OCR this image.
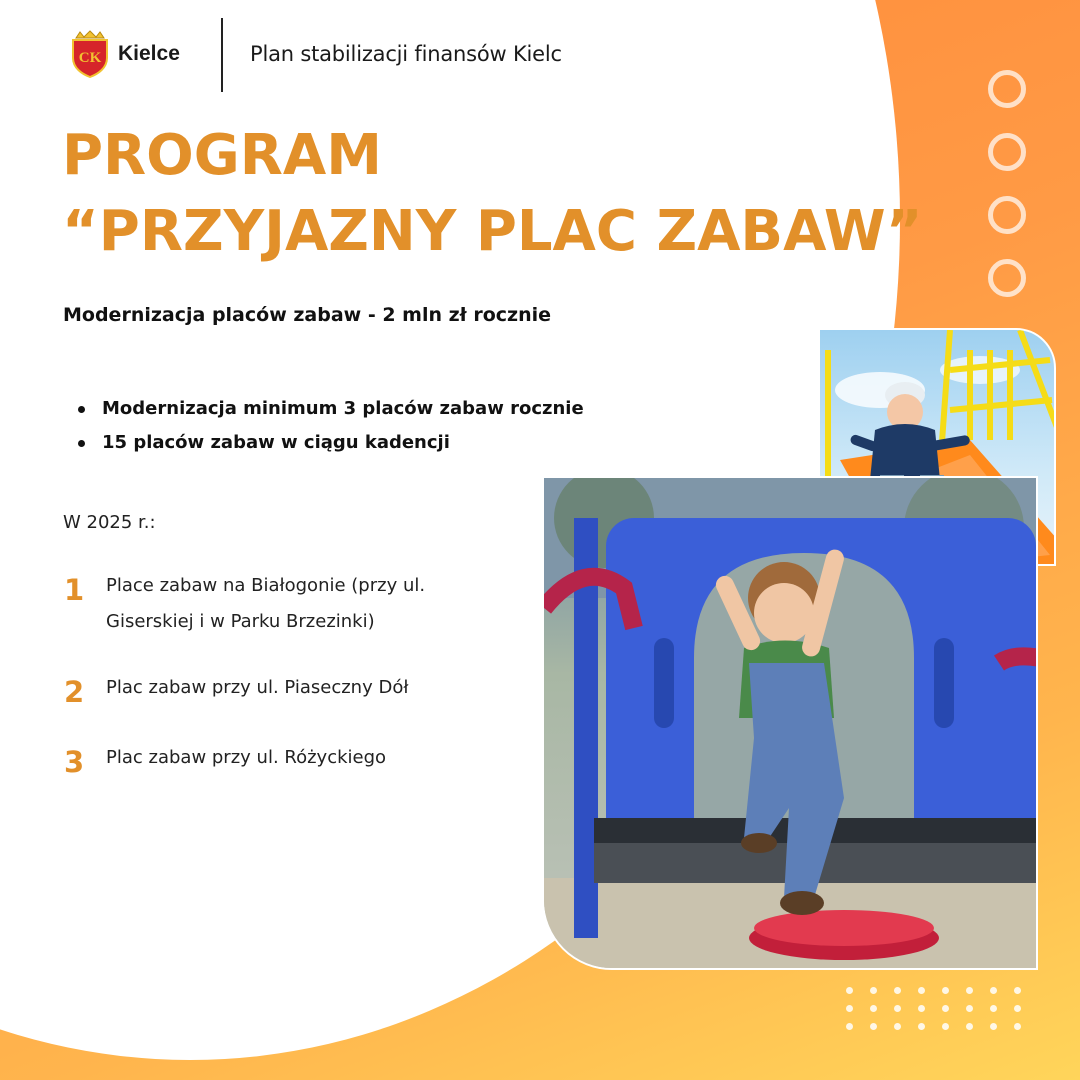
CK Kielce	Plan stabilizacji finansów Kielc
PROGRAM
“PRZYJAZNY PLAC ZABAW”
Modernizacja placów zabaw - 2 mln zł rocznie
Modernizacja minimum 3 placów zabaw rocznie
15 placów zabaw w ciągu kadencji
W 2025 r.:
1	Place zabaw na Białogonie (przy ul.
Giserskiej i w Parku Brzezinki)
2	Plac zabaw przy ul. Piaseczny Dół
3	Plac zabaw przy ul. Różyckiego
